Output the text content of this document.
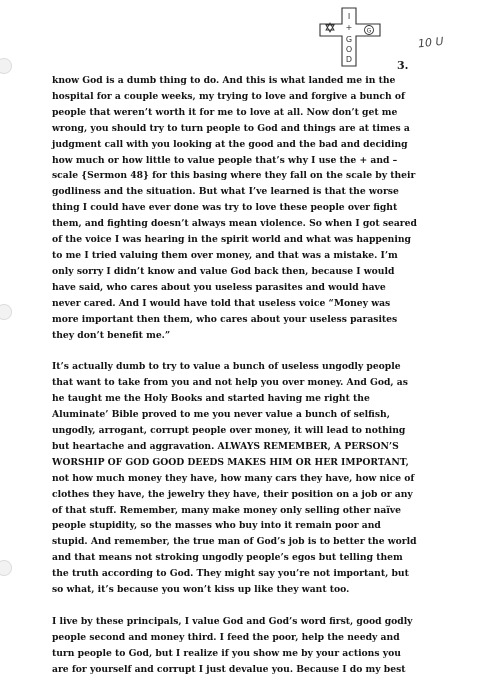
G
I
+
G
O
D
10 U
3.
know God is a dumb thing to do. And this is what landed me in the
hospital for a couple weeks, my trying to love and forgive a bunch of
people that weren’t worth it for me to love at all. Now don’t get me
wrong, you should try to turn people to God and things are at times a
judgment call with you looking at the good and the bad and deciding
how much or how little to value people that’s why I use the + and –
scale {Sermon 48} for this basing where they fall on the scale by their
godliness and the situation. But what I’ve learned is that the worse
thing I could have ever done was try to love these people over fight
them, and fighting doesn’t always mean violence. So when I got seared
of the voice I was hearing in the spirit world and what was happening
to me I tried valuing them over money, and that was a mistake. I’m
only sorry I didn’t know and value God back then, because I would
have said, who cares about you useless parasites and would have
never cared. And I would have told that useless voice “Money was
more important then them, who cares about your useless parasites
they don’t benefit me.”
It’s actually dumb to try to value a bunch of useless ungodly people
that want to take from you and not help you over money. And God, as
he taught me the Holy Books and started having me right the
Aluminate’ Bible proved to me you never value a bunch of selfish,
ungodly, arrogant, corrupt people over money, it will lead to nothing
but heartache and aggravation. ALWAYS REMEMBER, A PERSON’S
WORSHIP OF GOD GOOD DEEDS MAKES HIM OR HER IMPORTANT,
not how much money they have, how many cars they have, how nice of
clothes they have, the jewelry they have, their position on a job or any
of that stuff. Remember, many make money only selling other naïve
people stupidity, so the masses who buy into it remain poor and
stupid. And remember, the true man of God’s job is to better the world
and that means not stroking ungodly people’s egos but telling them
the truth according to God. They might say you’re not important, but
so what, it’s because you won’t kiss up like they want too.
I live by these principals, I value God and God’s word first, good godly
people second and money third. I feed the poor, help the needy and
turn people to God, but I realize if you show me by your actions you
are for yourself and corrupt I just devalue you. Because I do my best
